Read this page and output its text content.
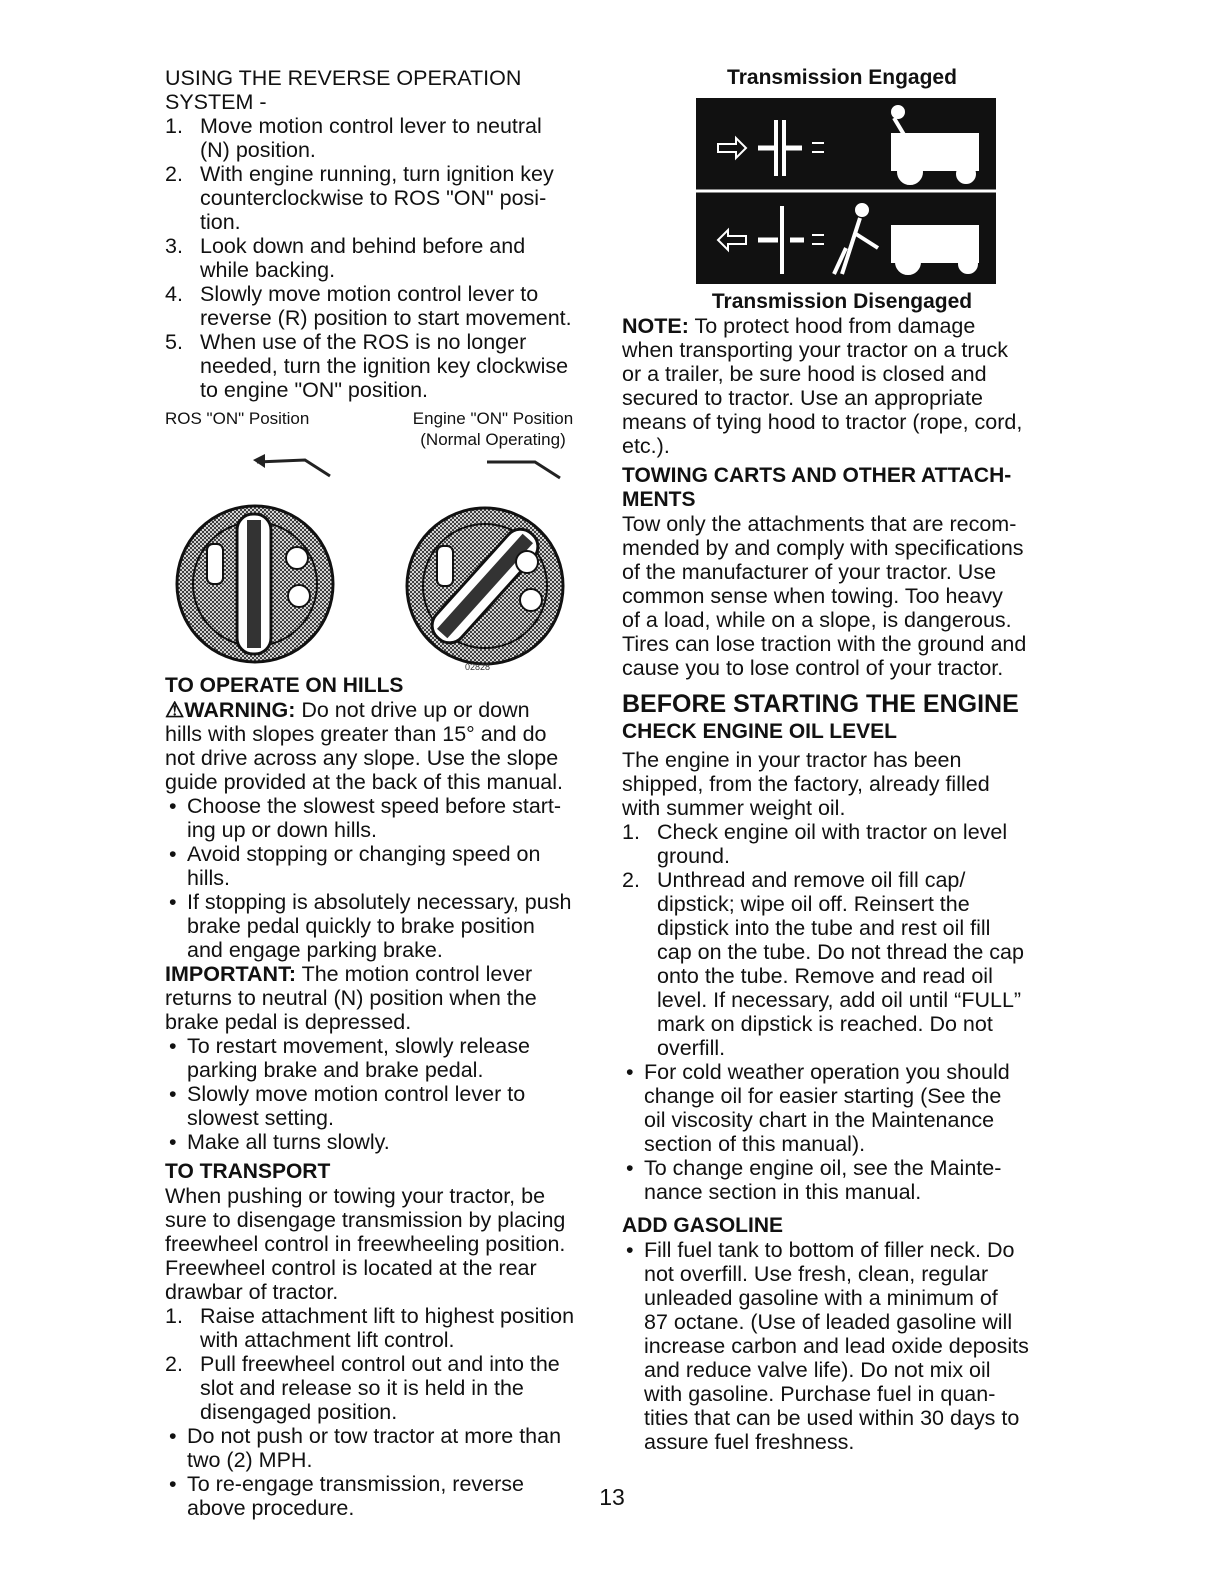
USING THE REVERSE OPERATION

SYSTEM -

1. Move motion control lever to neutral
(N) position.
2. With engine running, turn ignition key
counterclockwise to ROS "ON" posi-
tion.
3. Look down and behind before and
while backing.
4. Slowly move motion control lever to
reverse (R) position to start movement.
5. When use of the ROS is no longer
needed, turn the ignition key clockwise
to engine "ON" position.
ROS "ON" Position	Engine "ON" Position
(Normal Operating)
02828

TO OPERATE ON HILLS

⚠WARNING: Do not drive up or down
hills with slopes greater than 15° and do
not drive across any slope. Use the slope
guide provided at the back of this manual.

• Choose the slowest speed before start-
ing up or down hills.
• Avoid stopping or changing speed on
hills.
• If stopping is absolutely necessary, push
brake pedal quickly to brake position
and engage parking brake.

IMPORTANT: The motion control lever
returns to neutral (N) position when the
brake pedal is depressed.

• To restart movement, slowly release
parking brake and brake pedal.
• Slowly move motion control lever to
slowest setting.
• Make all turns slowly.

TO TRANSPORT

When pushing or towing your tractor, be
sure to disengage transmission by placing
freewheel control in freewheeling position.
Freewheel control is located at the rear
drawbar of tractor.

1. Raise attachment lift to highest position
with attachment lift control.
2. Pull freewheel control out and into the
slot and release so it is held in the
disengaged position.
• Do not push or tow tractor at more than
two (2) MPH.
• To re-engage transmission, reverse
above procedure.
Transmission Engaged
Transmission Disengaged

NOTE: To protect hood from damage
when transporting your tractor on a truck
or a trailer, be sure hood is closed and
secured to tractor. Use an appropriate
means of tying hood to tractor (rope, cord,
etc.).

TOWING CARTS AND OTHER ATTACH-

MENTS

Tow only the attachments that are recom-
mended by and comply with specifications
of the manufacturer of your tractor. Use
common sense when towing. Too heavy
of a load, while on a slope, is dangerous.
Tires can lose traction with the ground and
cause you to lose control of your tractor.

BEFORE STARTING THE ENGINE

CHECK ENGINE OIL LEVEL

The engine in your tractor has been
shipped, from the factory, already filled
with summer weight oil.

1. Check engine oil with tractor on level
ground.
2. Unthread and remove oil fill cap/
dipstick; wipe oil off. Reinsert the
dipstick into the tube and rest oil fill
cap on the tube. Do not thread the cap
onto the tube. Remove and read oil
level. If necessary, add oil until “FULL”
mark on dipstick is reached. Do not
overfill.
• For cold weather operation you should
change oil for easier starting (See the
oil viscosity chart in the Maintenance
section of this manual).
• To change engine oil, see the Mainte-
nance section in this manual.

ADD GASOLINE

• Fill fuel tank to bottom of filler neck. Do
not overfill. Use fresh, clean, regular
unleaded gasoline with a minimum of
87 octane. (Use of leaded gasoline will
increase carbon and lead oxide deposits
and reduce valve life). Do not mix oil
with gasoline. Purchase fuel in quan-
tities that can be used within 30 days to
assure fuel freshness.
13
